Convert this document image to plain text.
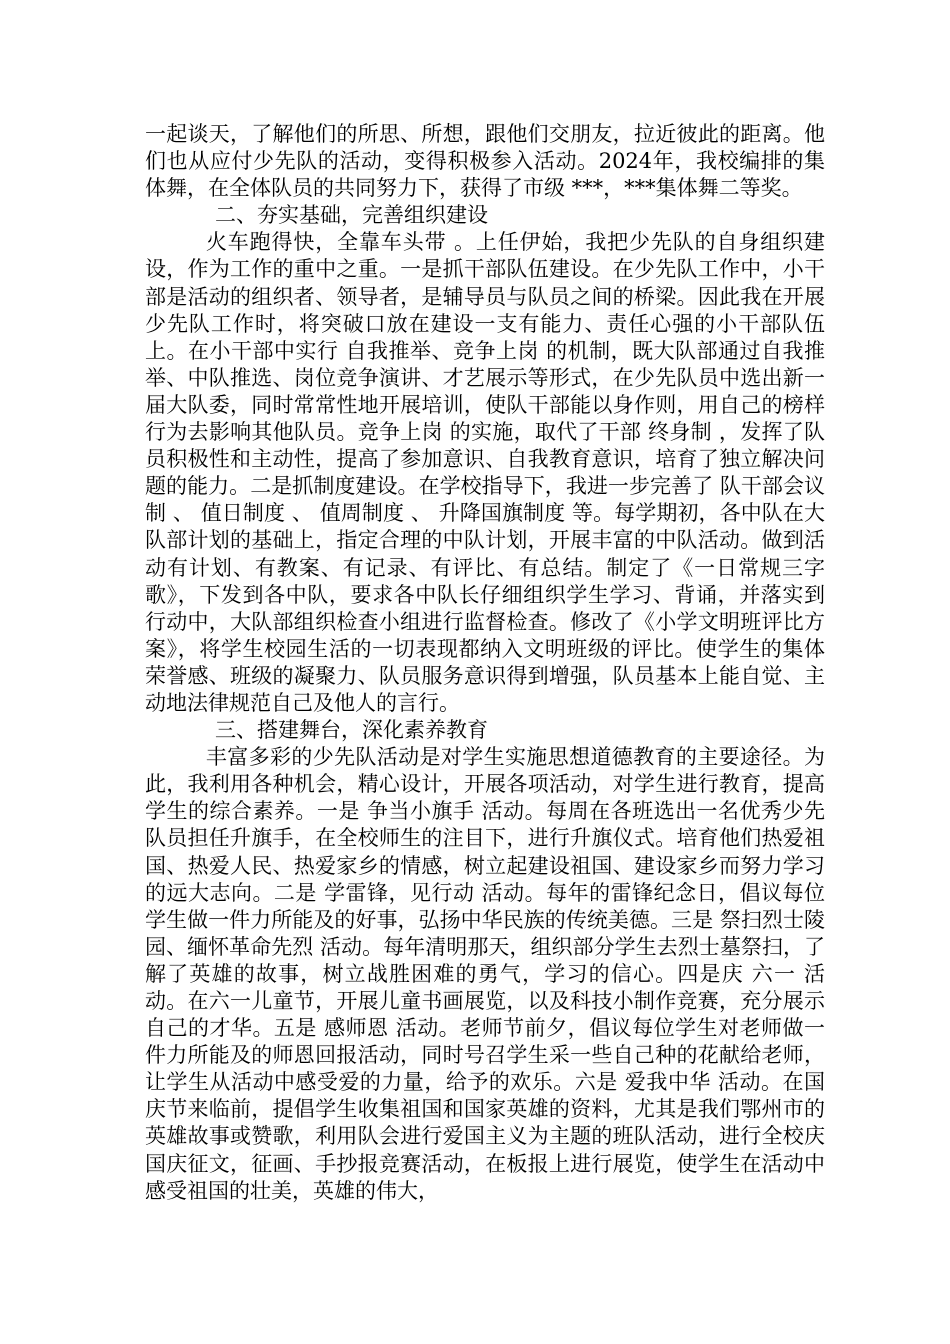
一起谈天，了解他们的所思、所想，跟他们交朋友，拉近彼此的距离。他们也从应付少先队的活动，变得积极参入活动。2024年，我校编排的集体舞，在全体队员的共同努力下，获得了市级 ***，***集体舞二等奖。

二、夯实基础，完善组织建设

火车跑得快，全靠车头带 。上任伊始，我把少先队的自身组织建设，作为工作的重中之重。一是抓干部队伍建设。在少先队工作中，小干部是活动的组织者、领导者，是辅导员与队员之间的桥梁。因此我在开展少先队工作时，将突破口放在建设一支有能力、责任心强的小干部队伍上。在小干部中实行 自我推举、竞争上岗 的机制，既大队部通过自我推举、中队推选、岗位竞争演讲、才艺展示等形式，在少先队员中选出新一届大队委，同时常常性地开展培训，使队干部能以身作则，用自己的榜样行为去影响其他队员。竞争上岗 的实施，取代了干部 终身制 ，发挥了队员积极性和主动性，提高了参加意识、自我教育意识，培育了独立解决问题的能力。二是抓制度建设。在学校指导下，我进一步完善了 队干部会议制 、 值日制度 、 值周制度 、 升降国旗制度 等。每学期初，各中队在大队部计划的基础上，指定合理的中队计划，开展丰富的中队活动。做到活动有计划、有教案、有记录、有评比、有总结。制定了《一日常规三字歌》，下发到各中队，要求各中队长仔细组织学生学习、背诵，并落实到行动中，大队部组织检查小组进行监督检查。修改了《小学文明班评比方案》，将学生校园生活的一切表现都纳入文明班级的评比。使学生的集体荣誉感、班级的凝聚力、队员服务意识得到增强，队员基本上能自觉、主动地法律规范自己及他人的言行。

三、搭建舞台，深化素养教育

丰富多彩的少先队活动是对学生实施思想道德教育的主要途径。为此，我利用各种机会，精心设计，开展各项活动，对学生进行教育，提高学生的综合素养。一是 争当小旗手 活动。每周在各班选出一名优秀少先队员担任升旗手，在全校师生的注目下，进行升旗仪式。培育他们热爱祖国、热爱人民、热爱家乡的情感，树立起建设祖国、建设家乡而努力学习的远大志向。二是 学雷锋，见行动 活动。每年的雷锋纪念日，倡议每位学生做一件力所能及的好事，弘扬中华民族的传统美德。三是 祭扫烈士陵园、缅怀革命先烈 活动。每年清明那天，组织部分学生去烈士墓祭扫，了解了英雄的故事，树立战胜困难的勇气，学习的信心。四是庆 六一 活动。在六一儿童节，开展儿童书画展览，以及科技小制作竞赛，充分展示自己的才华。五是 感师恩 活动。老师节前夕，倡议每位学生对老师做一件力所能及的师恩回报活动，同时号召学生采一些自己种的花献给老师，让学生从活动中感受爱的力量，给予的欢乐。六是 爱我中华 活动。在国庆节来临前，提倡学生收集祖国和国家英雄的资料，尤其是我们鄂州市的英雄故事或赞歌，利用队会进行爱国主义为主题的班队活动，进行全校庆国庆征文，征画、手抄报竞赛活动，在板报上进行展览，使学生在活动中感受祖国的壮美，英雄的伟大，
